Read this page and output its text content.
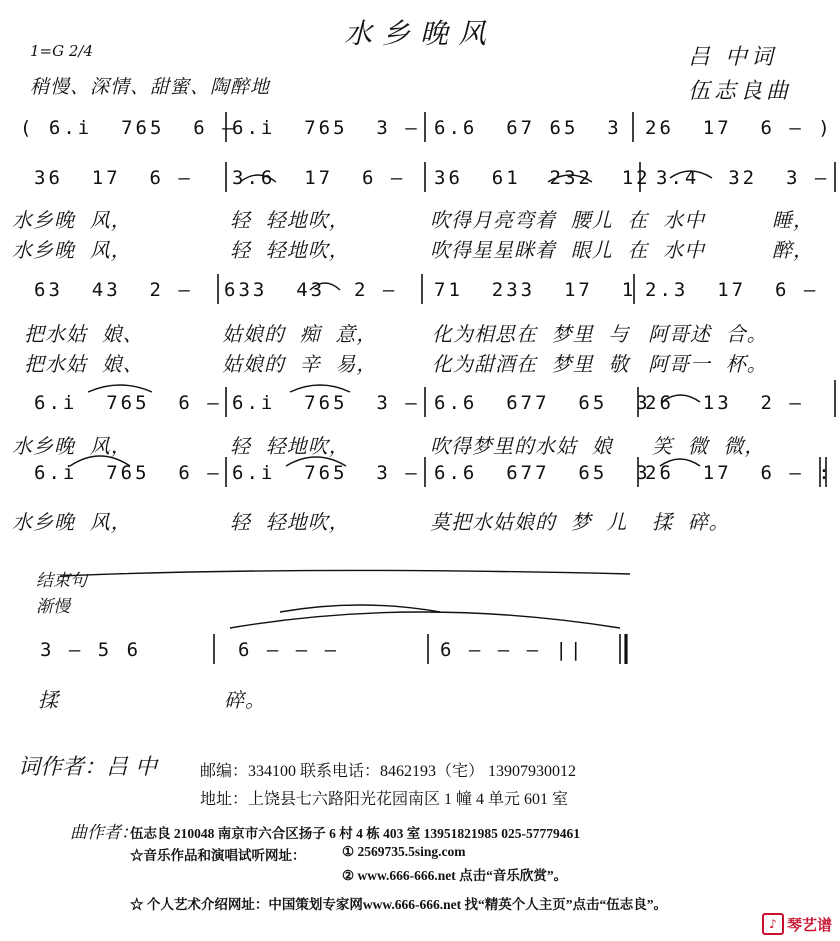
水乡晚风
吕 中词
伍志良曲
1=G 2/4
稍慢、深情、甜蜜、陶醉地

( 6.i  765  6 —

6.i  765  3 —

6.6  67 65  3

26  17  6 — )

36  17  6 —

3.6  17  6 —

36  61  232  12

3.4  32  3 —

水乡晚  风，

	轻  轻地吹，

	吹得月亮弯着  腰儿  在  水中

	睡，

水乡晚  风，

	轻  轻地吹，

	吹得星星眯着  眼儿  在  水中

	醉，

63  43  2 —

633  43  2 —

71  233  17  1

2.3  17  6 —

把水姑  娘、

	姑娘的  痴  意，

	化为相思在  梦里  与

阿哥述  合。

把水姑  娘、

	姑娘的  辛  易，

	化为甜酒在  梦里  敬

阿哥一  杯。

6.i  765  6 —

6.i  765  3 —

6.6  677  65  3

26  13  2 —

水乡晚  风，

	轻  轻地吹，

	吹得梦里的水姑  娘

笑  微  微，

6.i  765  6 —

6.i  765  3 —

6.6  677  65  3

26  17  6 — :

水乡晚  风，

	轻  轻地吹，

	莫把水姑娘的  梦  儿

揉  碎。

结束句
渐慢

3 — 5 6

	6 — — —

	6 — — — ||

揉

	碎。

词作者：吕 中	邮编：334100 联系电话：8462193（宅） 13907930012
地址：上饶县七六路阳光花园南区 1 幢 4 单元 601 室
曲作者：
伍志良 210048 南京市六合区扬子 6 村 4 栋 403 室 13951821985 025-57779461
☆音乐作品和演唱试听网址：	① 2569735.5sing.com
② www.666-666.net 点击“音乐欣赏”。
☆ 个人艺术介绍网址：中国策划专家网www.666-666.net 找“精英个人主页”点击“伍志良”。
♪ 琴艺谱
